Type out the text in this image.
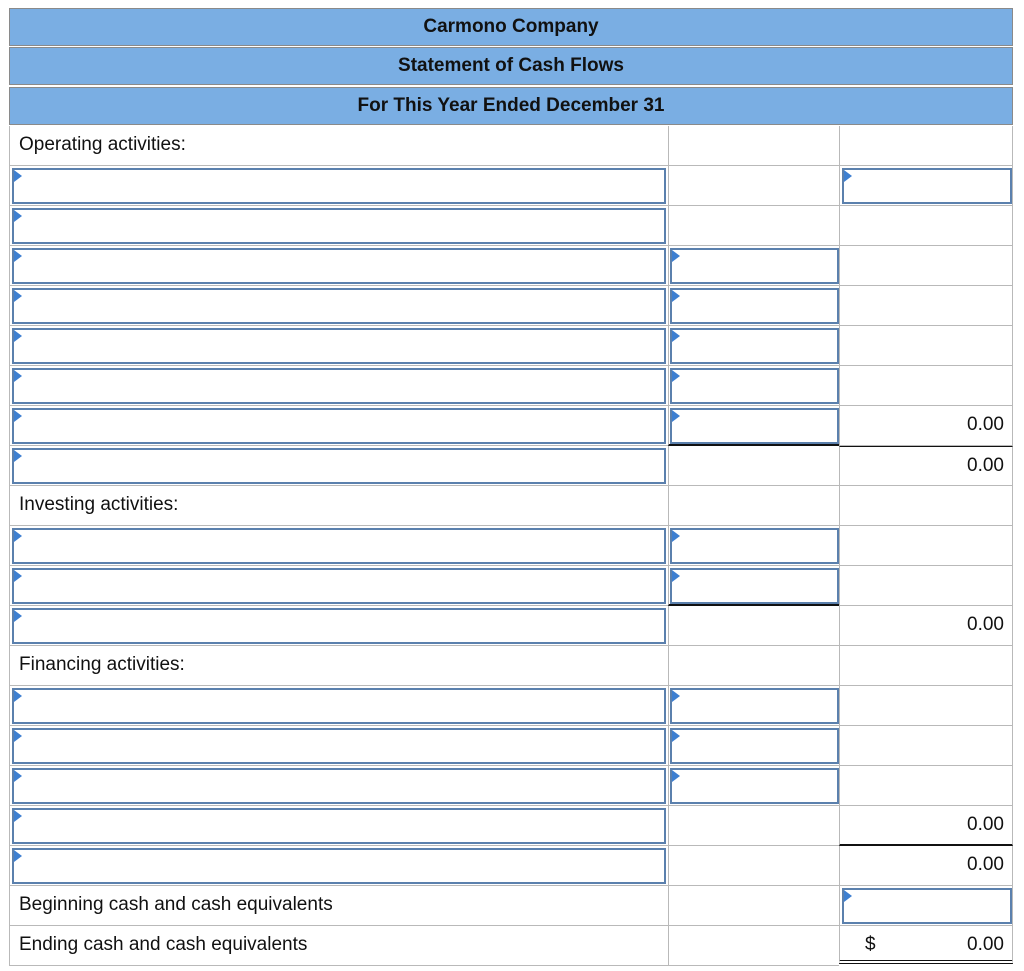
Carmono Company
Statement of Cash Flows
For This Year Ended December 31
Operating activities:
0.00
0.00
Investing activities:
0.00
Financing activities:
0.00
0.00
Beginning cash and cash equivalents
Ending cash and cash equivalents	$	0.00
